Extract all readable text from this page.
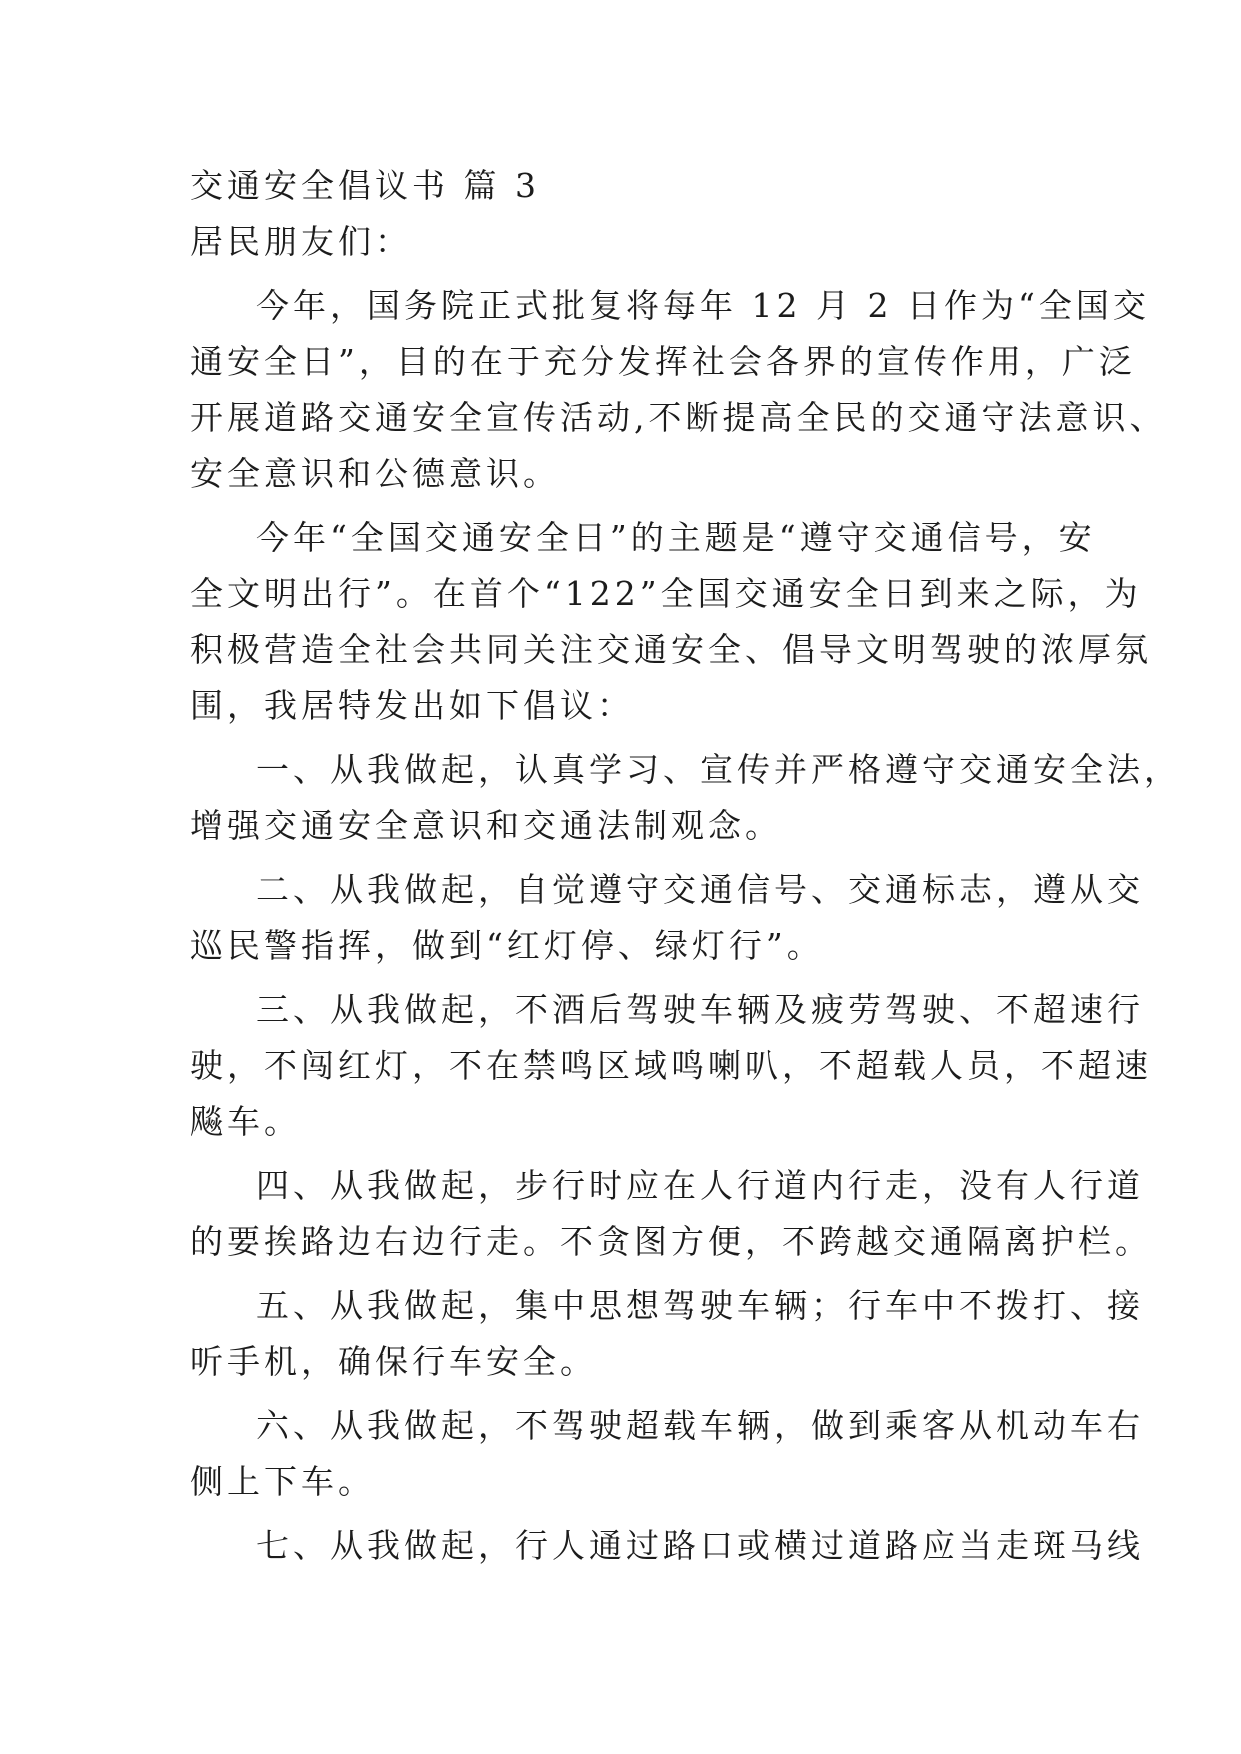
交通安全倡议书 篇 3
居民朋友们：
今年，国务院正式批复将每年 12 月 2 日作为“全国交
通安全日”，目的在于充分发挥社会各界的宣传作用，广泛
开展道路交通安全宣传活动,不断提高全民的交通守法意识、
安全意识和公德意识。
今年“全国交通安全日”的主题是“遵守交通信号，安
全文明出行”。在首个“122”全国交通安全日到来之际，为
积极营造全社会共同关注交通安全、倡导文明驾驶的浓厚氛
围，我居特发出如下倡议：
一、从我做起，认真学习、宣传并严格遵守交通安全法，
增强交通安全意识和交通法制观念。
二、从我做起，自觉遵守交通信号、交通标志，遵从交
巡民警指挥，做到“红灯停、绿灯行”。
三、从我做起，不酒后驾驶车辆及疲劳驾驶、不超速行
驶，不闯红灯，不在禁鸣区域鸣喇叭，不超载人员，不超速
飚车。
四、从我做起，步行时应在人行道内行走，没有人行道
的要挨路边右边行走。不贪图方便，不跨越交通隔离护栏。
五、从我做起，集中思想驾驶车辆；行车中不拨打、接
听手机，确保行车安全。
六、从我做起，不驾驶超载车辆，做到乘客从机动车右
侧上下车。
七、从我做起，行人通过路口或横过道路应当走斑马线
